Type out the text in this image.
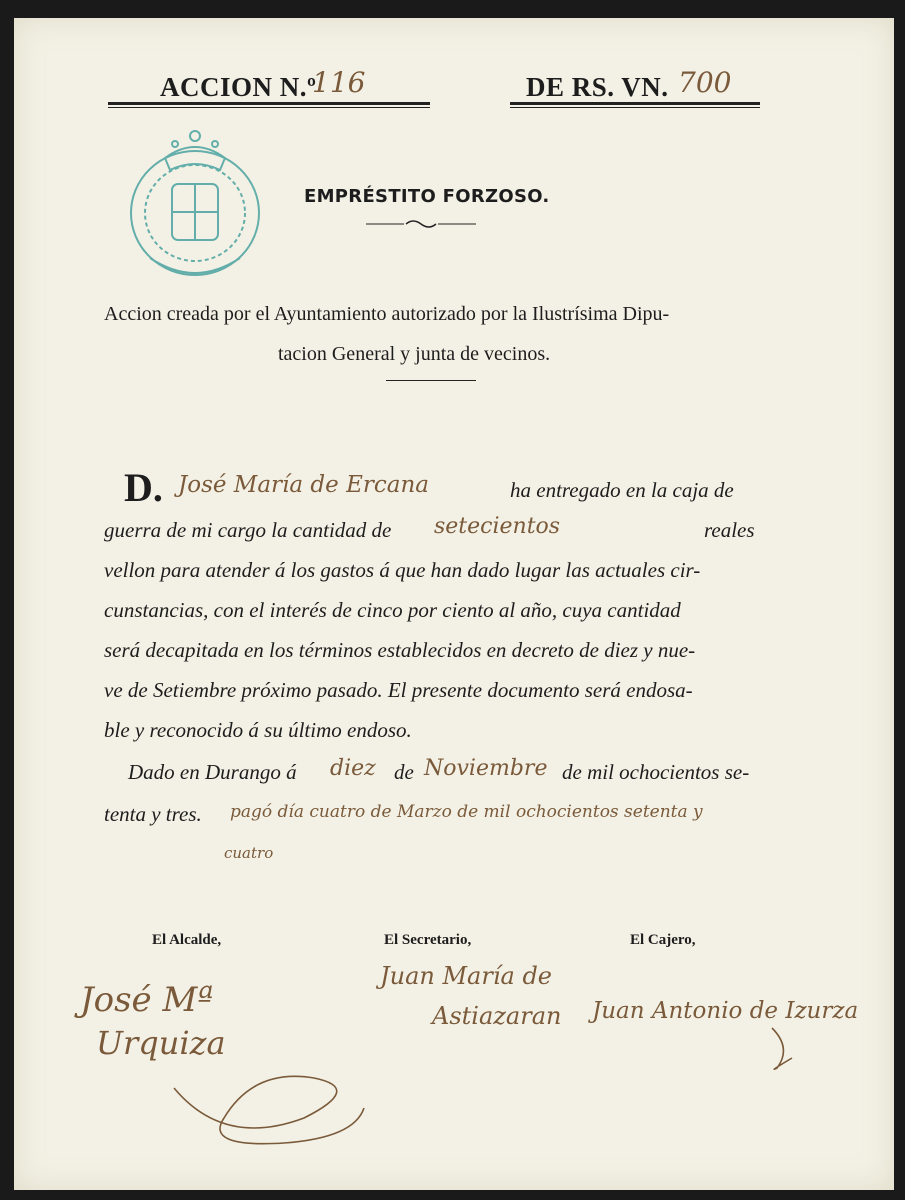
ACCION N.º
116	DE RS. VN. 700
EMPRÉSTITO FORZOSO.
Accion creada por el Ayuntamiento autorizado por la Ilustrísima Dipu-
tacion General y junta de vecinos.
D. José María de Ercana	ha entregado en la caja de
guerra de mi cargo la cantidad de setecientos	reales
vellon para atender á los gastos á que han dado lugar las actuales cir-
cunstancias, con el interés de cinco por ciento al año, cuya cantidad
será decapitada en los términos establecidos en decreto de diez y nue-
ve de Setiembre próximo pasado. El presente documento será endosa-
ble y reconocido á su último endoso.
Dado en Durango á diez de Noviembre de mil ochocientos se-
tenta y tres. pagó día cuatro de Marzo de mil ochocientos setenta y
cuatro
El Alcalde,	El Secretario,	El Cajero,
José Mª
Urquiza
Juan María de
Astiazaran Juan Antonio de Izurza
